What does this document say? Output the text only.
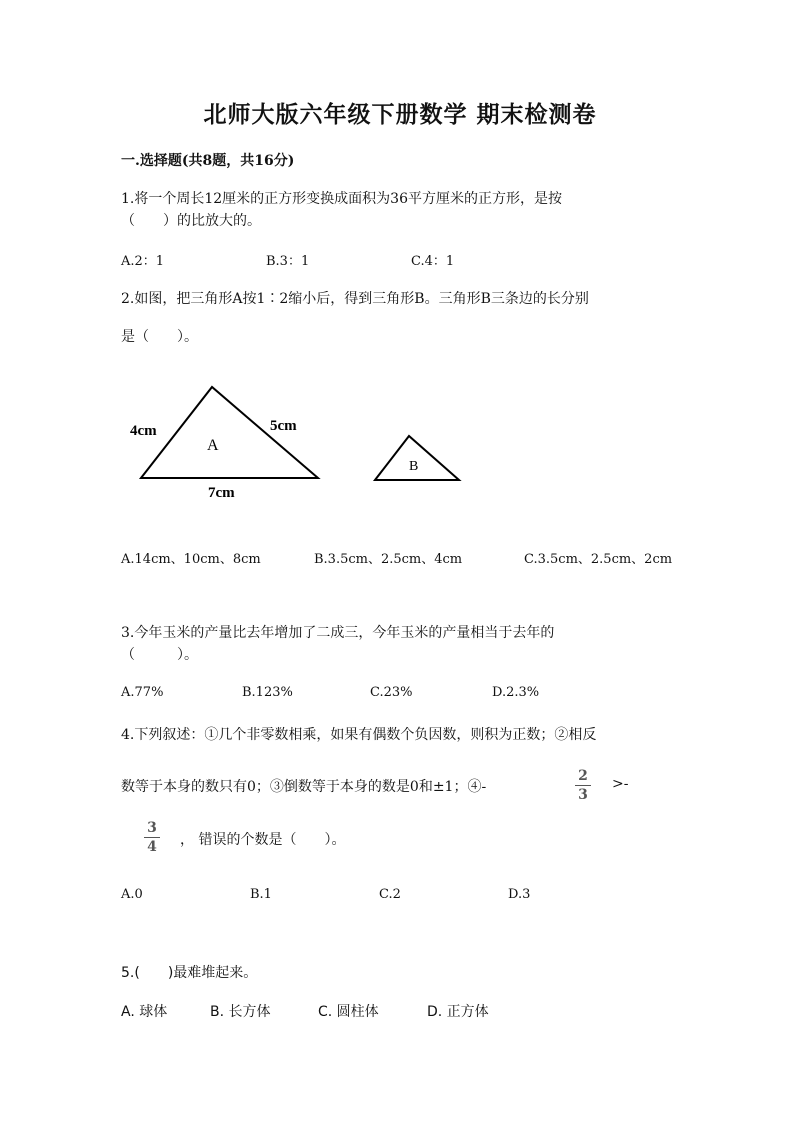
北师大版六年级下册数学 期末检测卷
一.选择题(共8题，共16分)
1.将一个周长12厘米的正方形变换成面积为36平方厘米的正方形，是按
（　　）的比放大的。
A.2：1	B.3：1	C.4：1
2.如图，把三角形A按1∶2缩小后，得到三角形B。三角形B三条边的长分别
是（　　）。
4cm	5cm
7cm
A
B
A.14cm、10cm、8cm	B.3.5cm、2.5cm、4cm	C.3.5cm、2.5cm、2cm
3.今年玉米的产量比去年增加了二成三，今年玉米的产量相当于去年的
（　　　）。
A.77%	B.123%	C.23%	D.2.3%
4.下列叙述：①几个非零数相乘，如果有偶数个负因数，则积为正数；②相反
数等于本身的数只有0；③倒数等于本身的数是0和±1；④-
2
3
>-
3
4 ， 错误的个数是（　　）。
A.0	B.1	C.2	D.3
5.(　　)最难堆起来。
A. 球体	B. 长方体	C. 圆柱体	D. 正方体
